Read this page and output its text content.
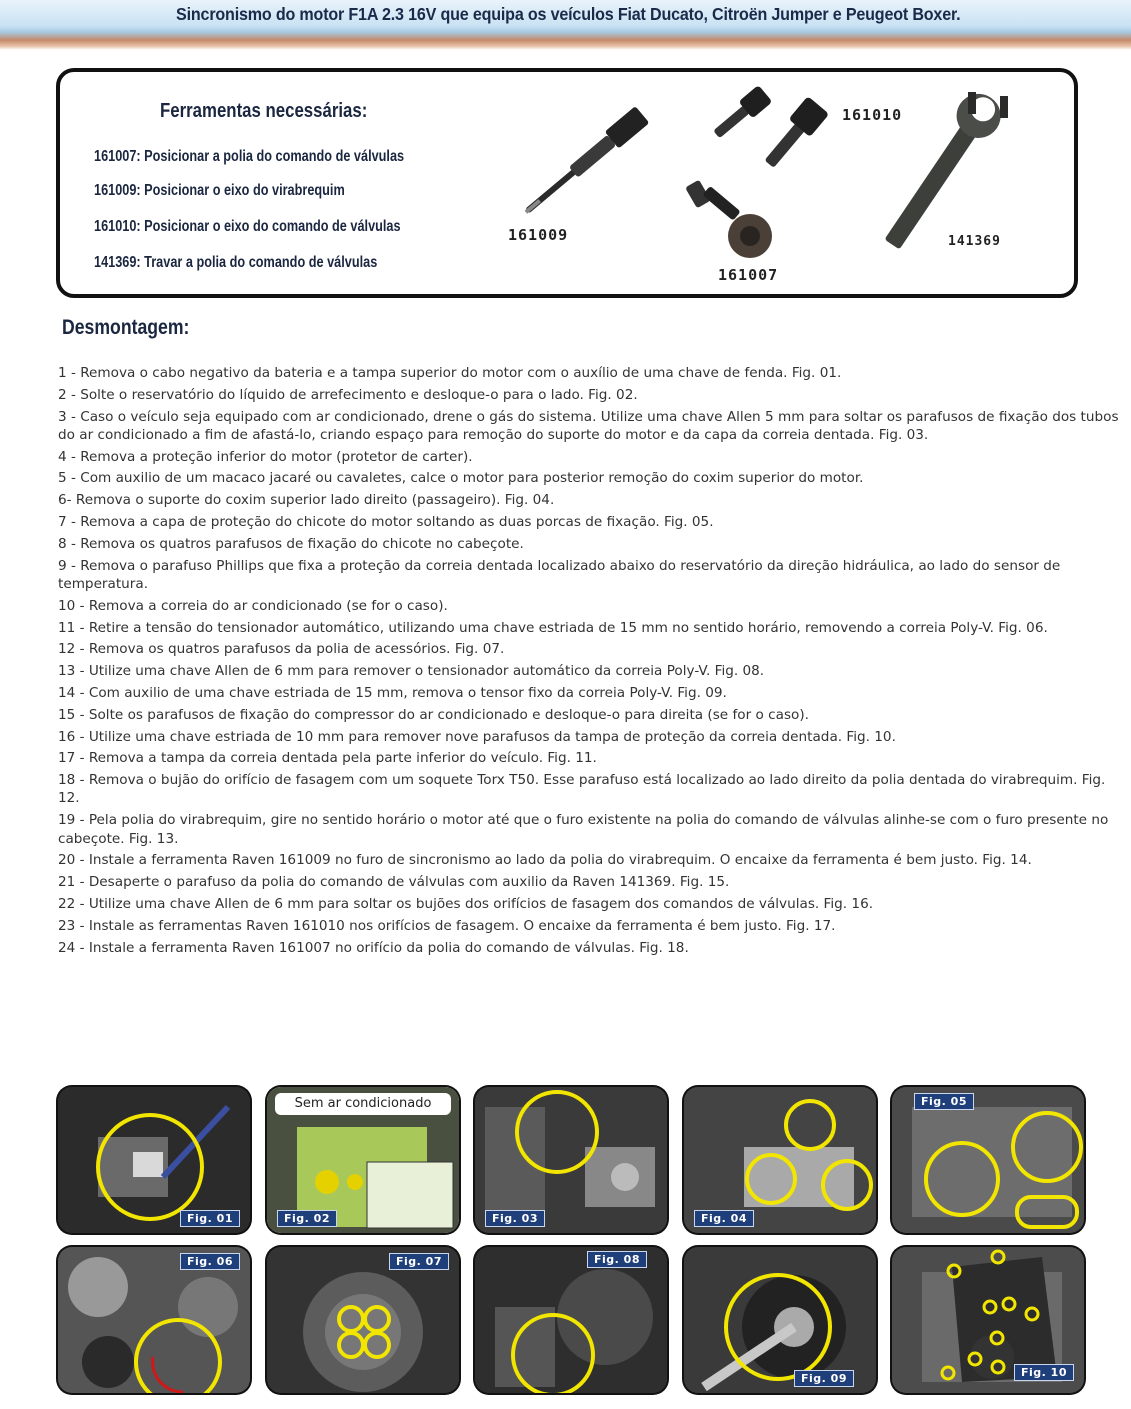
Sincronismo do motor F1A 2.3 16V que equipa os veículos Fiat Ducato, Citroën Jumper e Peugeot Boxer.
Ferramentas necessárias:
161007: Posicionar a polia do comando de válvulas
161009: Posicionar o eixo do virabrequim
161010: Posicionar o eixo do comando de válvulas
141369: Travar a polia do comando de válvulas
161009
161010
161007
141369
Desmontagem:
1 - Remova o cabo negativo da bateria e a tampa superior do motor com o auxílio de uma chave de fenda. Fig. 01.
2 - Solte o reservatório do líquido de arrefecimento e desloque-o para o lado. Fig. 02.
3 - Caso o veículo seja equipado com ar condicionado, drene o gás do sistema. Utilize uma chave Allen 5 mm para soltar os parafusos de fixação dos tubos do ar condicionado a fim de afastá-lo, criando espaço para remoção do suporte do motor e da capa da correia dentada. Fig. 03.
4 - Remova a proteção inferior do motor (protetor de carter).
5 - Com auxilio de um macaco jacaré ou cavaletes, calce o motor para posterior remoção do coxim superior do motor.
6- Remova o suporte do coxim superior lado direito (passageiro). Fig. 04.
7 - Remova a capa de proteção do chicote do motor soltando as duas porcas de fixação. Fig. 05.
8 - Remova os quatros parafusos de fixação do chicote no cabeçote.
9 - Remova o parafuso Phillips que fixa a proteção da correia dentada localizado abaixo do reservatório da direção hidráulica, ao lado do sensor de temperatura.
10 - Remova a correia do ar condicionado (se for o caso).
11 - Retire a tensão do tensionador automático, utilizando uma chave estriada de 15 mm no sentido horário, removendo a correia Poly-V. Fig. 06.
12 - Remova os quatros parafusos da polia de acessórios. Fig. 07.
13 - Utilize uma chave Allen de 6 mm para remover o tensionador automático da correia Poly-V. Fig. 08.
14 - Com auxilio de uma chave estriada de 15 mm, remova o tensor fixo da correia Poly-V. Fig. 09.
15 - Solte os parafusos de fixação do compressor do ar condicionado e desloque-o para direita (se for o caso).
16 - Utilize uma chave estriada de 10 mm para remover nove parafusos da tampa de proteção da correia dentada. Fig. 10.
17 - Remova a tampa da correia dentada pela parte inferior do veículo. Fig. 11.
18 - Remova o bujão do orifício de fasagem com um soquete Torx T50. Esse parafuso está localizado ao lado direito da polia dentada do virabrequim. Fig. 12.
19 - Pela polia do virabrequim, gire no sentido horário o motor até que o furo existente na polia do comando de válvulas alinhe-se com o furo presente no cabeçote. Fig. 13.
20 - Instale a ferramenta Raven 161009 no furo de sincronismo ao lado da polia do virabrequim. O encaixe da ferramenta é bem justo. Fig. 14.
21 - Desaperte o parafuso da polia do comando de válvulas com auxilio da Raven 141369. Fig. 15.
22 - Utilize uma chave Allen de 6 mm para soltar os bujões dos orifícios de fasagem dos comandos de válvulas. Fig. 16.
23 - Instale as ferramentas Raven 161010 nos orifícios de fasagem. O encaixe da ferramenta é bem justo. Fig. 17.
24 - Instale a ferramenta Raven 161007 no orifício da polia do comando de válvulas. Fig. 18.
Fig. 01
Sem ar condicionado
Fig. 02	Fig. 03	Fig. 04
Fig. 05
Fig. 06	Fig. 07	Fig. 08
Fig. 09	Fig. 10
